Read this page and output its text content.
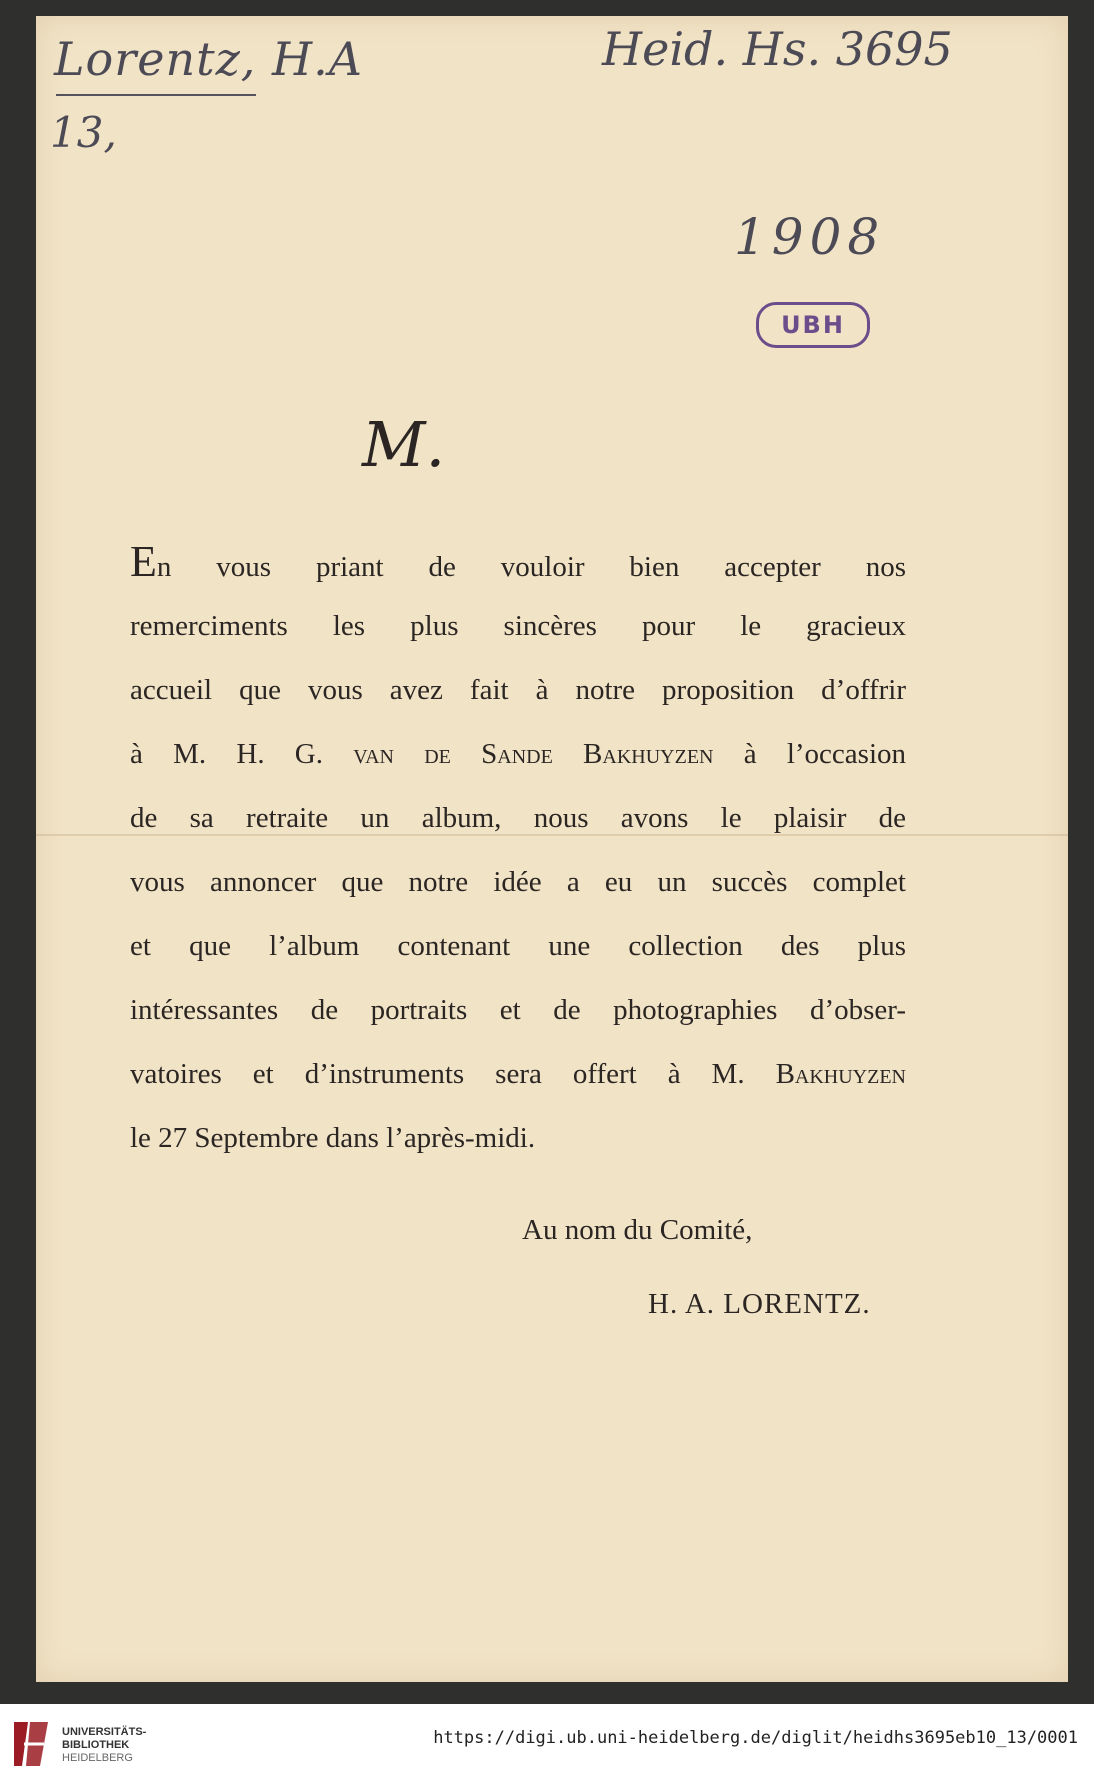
Lorentz, H.A	Heid. Hs. 3695
13,
1908
UBH
M.
En vous priant de vouloir bien accepter nos
remerciments les plus sincères pour le gracieux
accueil que vous avez fait à notre proposition d’offrir
à M. H. G. van de Sande Bakhuyzen à l’occasion
de sa retraite un album, nous avons le plaisir de
vous annoncer que notre idée a eu un succès complet
et que l’album contenant une collection des plus
intéressantes de portraits et de photographies d’obser-
vatoires et d’instruments sera offert à M. Bakhuyzen
le 27 Septembre dans l’après-midi.
Au nom du Comité,
H. A. LORENTZ.
UNIVERSITÄTS-
BIBLIOTHEK
HEIDELBERG
https://digi.ub.uni-heidelberg.de/diglit/heidhs3695eb10_13/0001
